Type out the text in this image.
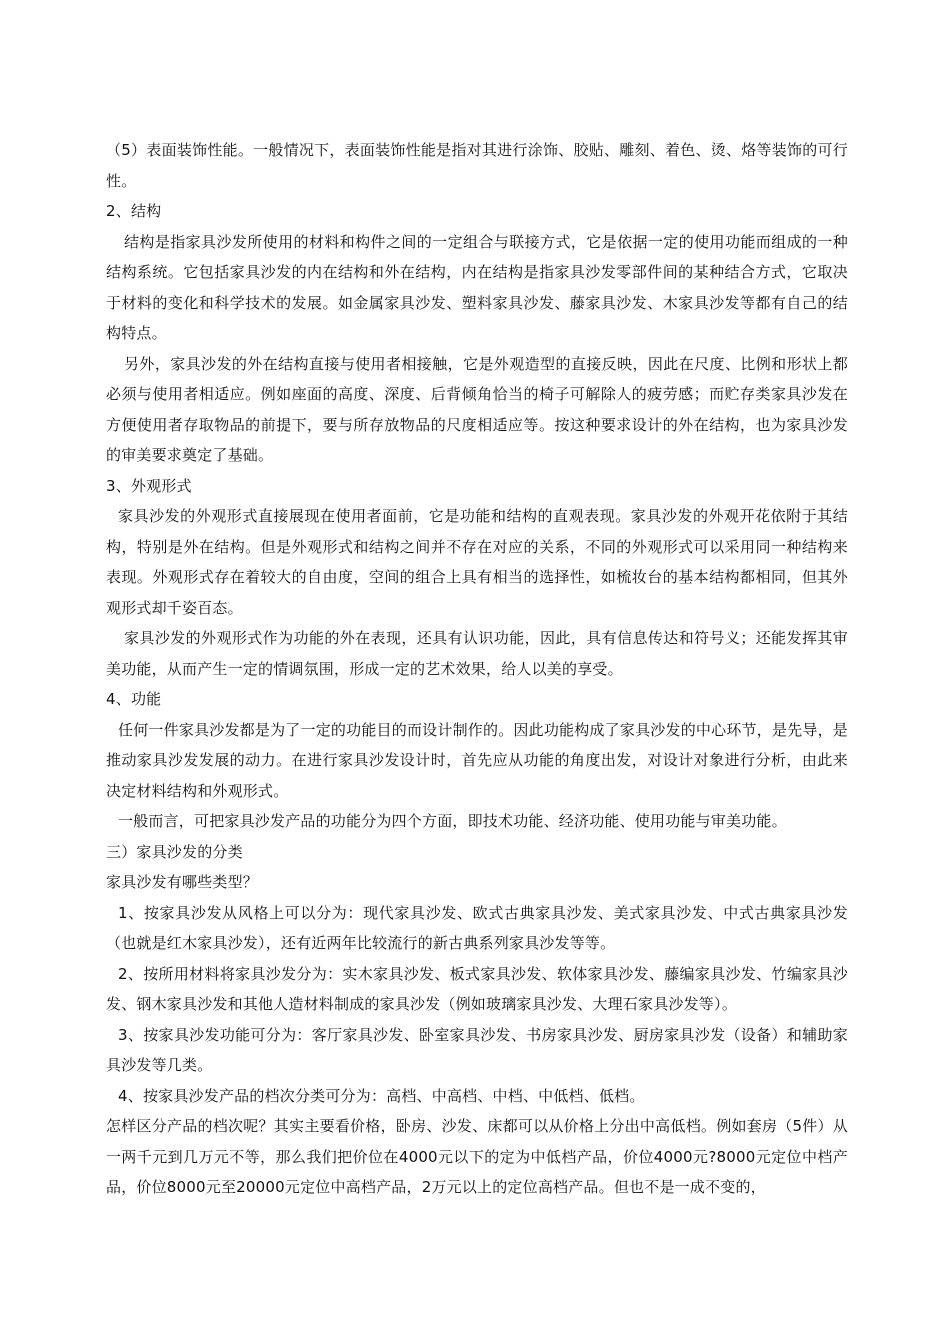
（5）表面装饰性能。一般情况下，表面装饰性能是指对其进行涂饰、胶贴、雕刻、着色、烫、烙等装饰的可行性。

2、结构

结构是指家具沙发所使用的材料和构件之间的一定组合与联接方式，它是依据一定的使用功能而组成的一种结构系统。它包括家具沙发的内在结构和外在结构，内在结构是指家具沙发零部件间的某种结合方式，它取决于材料的变化和科学技术的发展。如金属家具沙发、塑料家具沙发、藤家具沙发、木家具沙发等都有自己的结构特点。

另外，家具沙发的外在结构直接与使用者相接触，它是外观造型的直接反映，因此在尺度、比例和形状上都必须与使用者相适应。例如座面的高度、深度、后背倾角恰当的椅子可解除人的疲劳感；而贮存类家具沙发在方便使用者存取物品的前提下，要与所存放物品的尺度相适应等。按这种要求设计的外在结构，也为家具沙发的审美要求奠定了基础。

3、外观形式

家具沙发的外观形式直接展现在使用者面前，它是功能和结构的直观表现。家具沙发的外观开花依附于其结构，特别是外在结构。但是外观形式和结构之间并不存在对应的关系，不同的外观形式可以采用同一种结构来表现。外观形式存在着较大的自由度，空间的组合上具有相当的选择性，如梳妆台的基本结构都相同，但其外观形式却千姿百态。

家具沙发的外观形式作为功能的外在表现，还具有认识功能，因此，具有信息传达和符号义；还能发挥其审美功能，从而产生一定的情调氛围，形成一定的艺术效果，给人以美的享受。

4、功能

任何一件家具沙发都是为了一定的功能目的而设计制作的。因此功能构成了家具沙发的中心环节，是先导，是推动家具沙发发展的动力。在进行家具沙发设计时，首先应从功能的角度出发，对设计对象进行分析，由此来决定材料结构和外观形式。

一般而言，可把家具沙发产品的功能分为四个方面，即技术功能、经济功能、使用功能与审美功能。

三）家具沙发的分类

家具沙发有哪些类型？

1、按家具沙发从风格上可以分为：现代家具沙发、欧式古典家具沙发、美式家具沙发、中式古典家具沙发（也就是红木家具沙发），还有近两年比较流行的新古典系列家具沙发等等。

2、按所用材料将家具沙发分为：实木家具沙发、板式家具沙发、软体家具沙发、藤编家具沙发、竹编家具沙发、钢木家具沙发和其他人造材料制成的家具沙发（例如玻璃家具沙发、大理石家具沙发等）。

3、按家具沙发功能可分为：客厅家具沙发、卧室家具沙发、书房家具沙发、厨房家具沙发（设备）和辅助家具沙发等几类。

4、按家具沙发产品的档次分类可分为：高档、中高档、中档、中低档、低档。

怎样区分产品的档次呢？其实主要看价格，卧房、沙发、床都可以从价格上分出中高低档。例如套房（5件）从一两千元到几万元不等，那么我们把价位在4000元以下的定为中低档产品，价位4000元?8000元定位中档产品，价位8000元至20000元定位中高档产品，2万元以上的定位高档产品。但也不是一成不变的，
